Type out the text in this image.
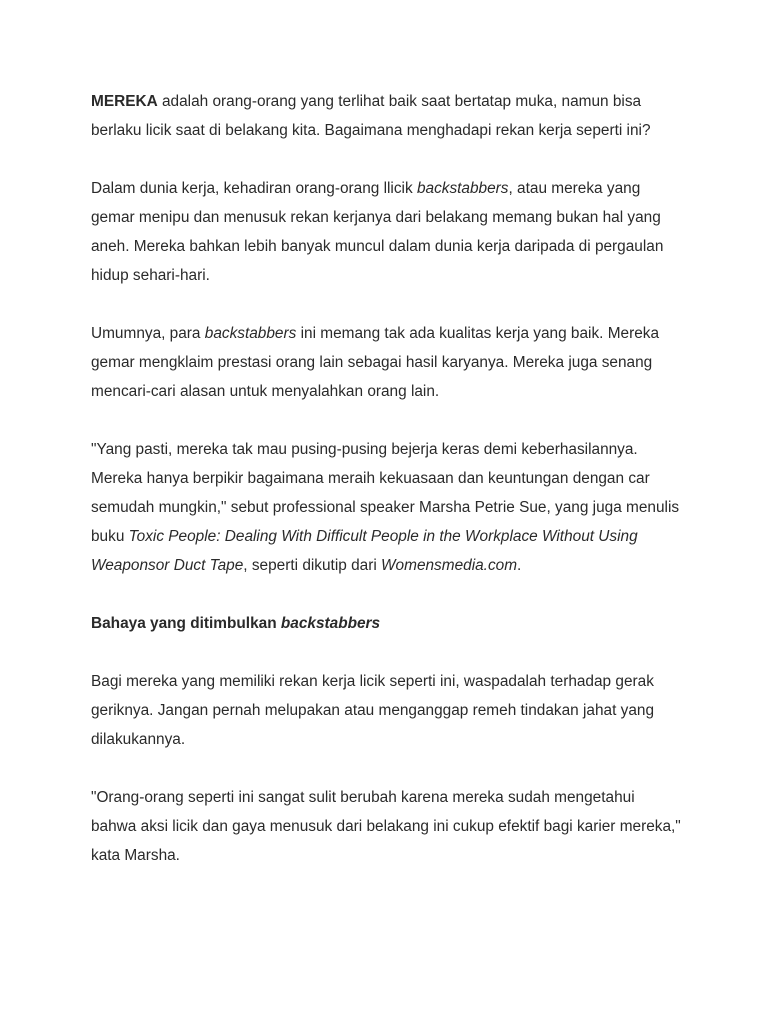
MEREKA adalah orang-orang yang terlihat baik saat bertatap muka, namun bisa berlaku licik saat di belakang kita. Bagaimana menghadapi rekan kerja seperti ini?

Dalam dunia kerja, kehadiran orang-orang llicik backstabbers, atau mereka yang gemar menipu dan menusuk rekan kerjanya dari belakang memang bukan hal yang aneh. Mereka bahkan lebih banyak muncul dalam dunia kerja daripada di pergaulan hidup sehari-hari.

Umumnya, para backstabbers ini memang tak ada kualitas kerja yang baik. Mereka gemar mengklaim prestasi orang lain sebagai hasil karyanya. Mereka juga senang mencari-cari alasan untuk menyalahkan orang lain.

"Yang pasti, mereka tak mau pusing-pusing bejerja keras demi keberhasilannya. Mereka hanya berpikir bagaimana meraih kekuasaan dan keuntungan dengan car semudah mungkin," sebut professional speaker Marsha Petrie Sue, yang juga menulis buku Toxic People: Dealing With Difficult People in the Workplace Without Using Weaponsor Duct Tape, seperti dikutip dari Womensmedia.com.

Bahaya yang ditimbulkan backstabbers

Bagi mereka yang memiliki rekan kerja licik seperti ini, waspadalah terhadap gerak geriknya. Jangan pernah melupakan atau menganggap remeh tindakan jahat yang dilakukannya.

"Orang-orang seperti ini sangat sulit berubah karena mereka sudah mengetahui bahwa aksi licik dan gaya menusuk dari belakang ini cukup efektif bagi karier mereka," kata Marsha.
